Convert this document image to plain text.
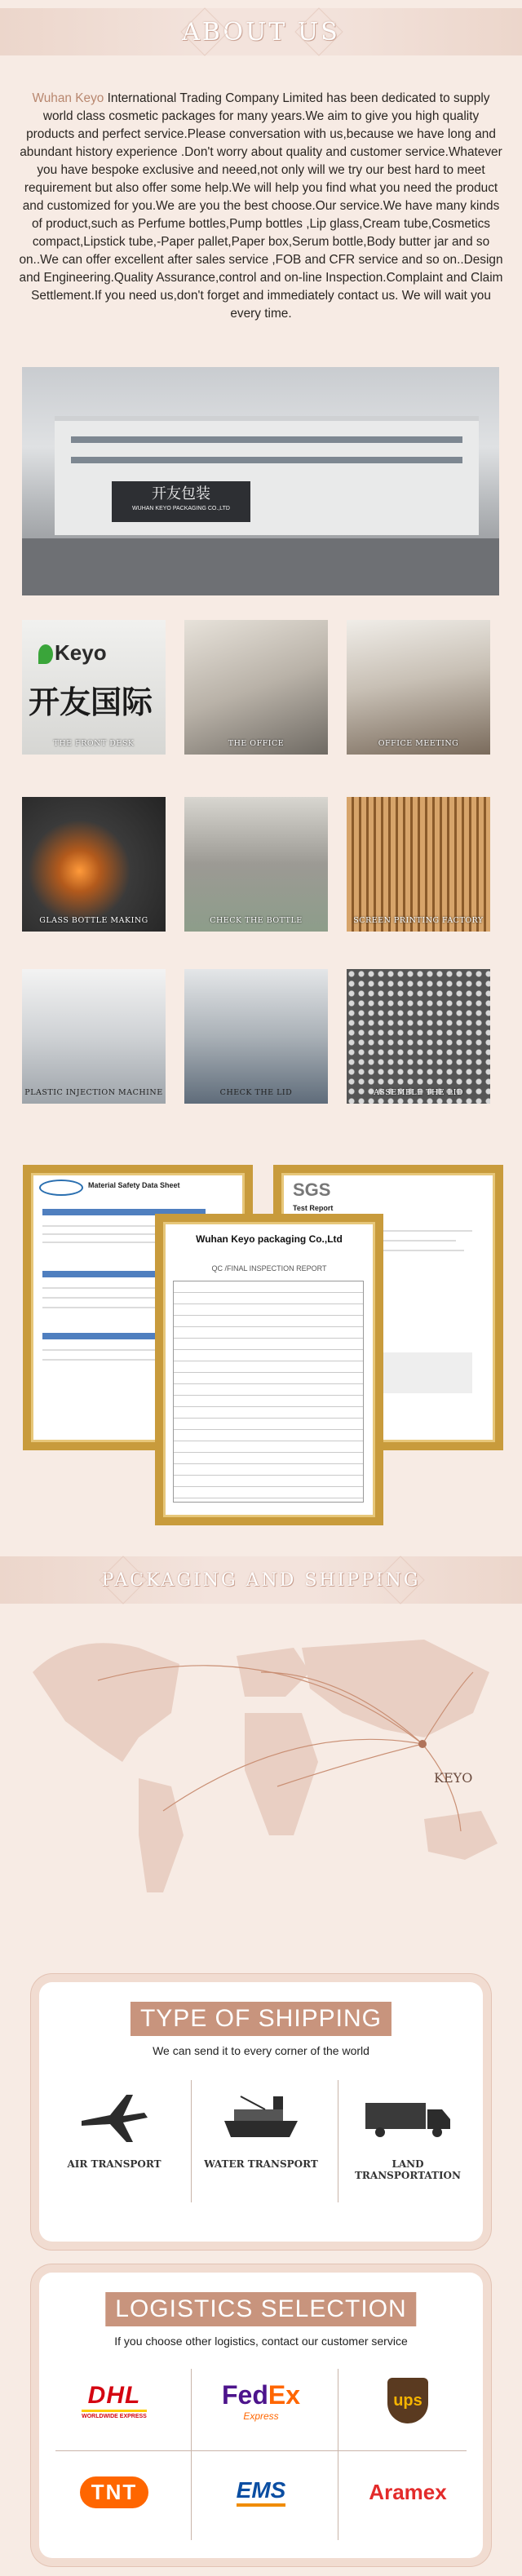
ABOUT US
Wuhan Keyo International Trading Company Limited has been dedicated to supply world class cosmetic packages for many years.We aim to give you high quality products and perfect service.Please conversation with us,because we have long and abundant history experience .Don't worry about quality and customer service.Whatever you have bespoke exclusive and neeed,not only will we try our best hard to meet requirement but also offer some help.We will help you find what you need the product and customized for you.We are you the best choose.Our service.We have many kinds of product,such as Perfume bottles,Pump bottles ,Lip glass,Cream tube,Cosmetics compact,Lipstick tube,-Paper pallet,Paper box,Serum bottle,Body butter jar and so on..We can offer excellent after sales service ,FOB and CFR service and so on..Design and Engineering.Quality Assurance,control and on-line Inspection.Complaint and Claim Settlement.If you need us,don't forget and immediately contact us. We will wait you every time.
开友包装
WUHAN KEYO PACKAGING CO.,LTD
Keyo
开友国际
THE FRONT DESK	THE OFFICE	OFFICE MEETING
GLASS BOTTLE MAKING	CHECK THE BOTTLE	SCREEN PRINTING FACTORY
PLASTIC INJECTION MACHINE	CHECK THE LID	ASSEMBLE THE LID
Material Safety Data Sheet	SGS
Test Report
Wuhan Keyo packaging Co.,Ltd
QC /FINAL INSPECTION REPORT
PACKAGING AND SHIPPING
KEYO
TYPE OF SHIPPING
We can send it to every corner of the world
AIR TRANSPORT	WATER TRANSPORT	LAND TRANSPORTATION
LOGISTICS SELECTION
If you choose other logistics, contact our customer service
DHL
WORLDWIDE EXPRESS
FedEx
Express
ups
TNT	EMS	Aramex
